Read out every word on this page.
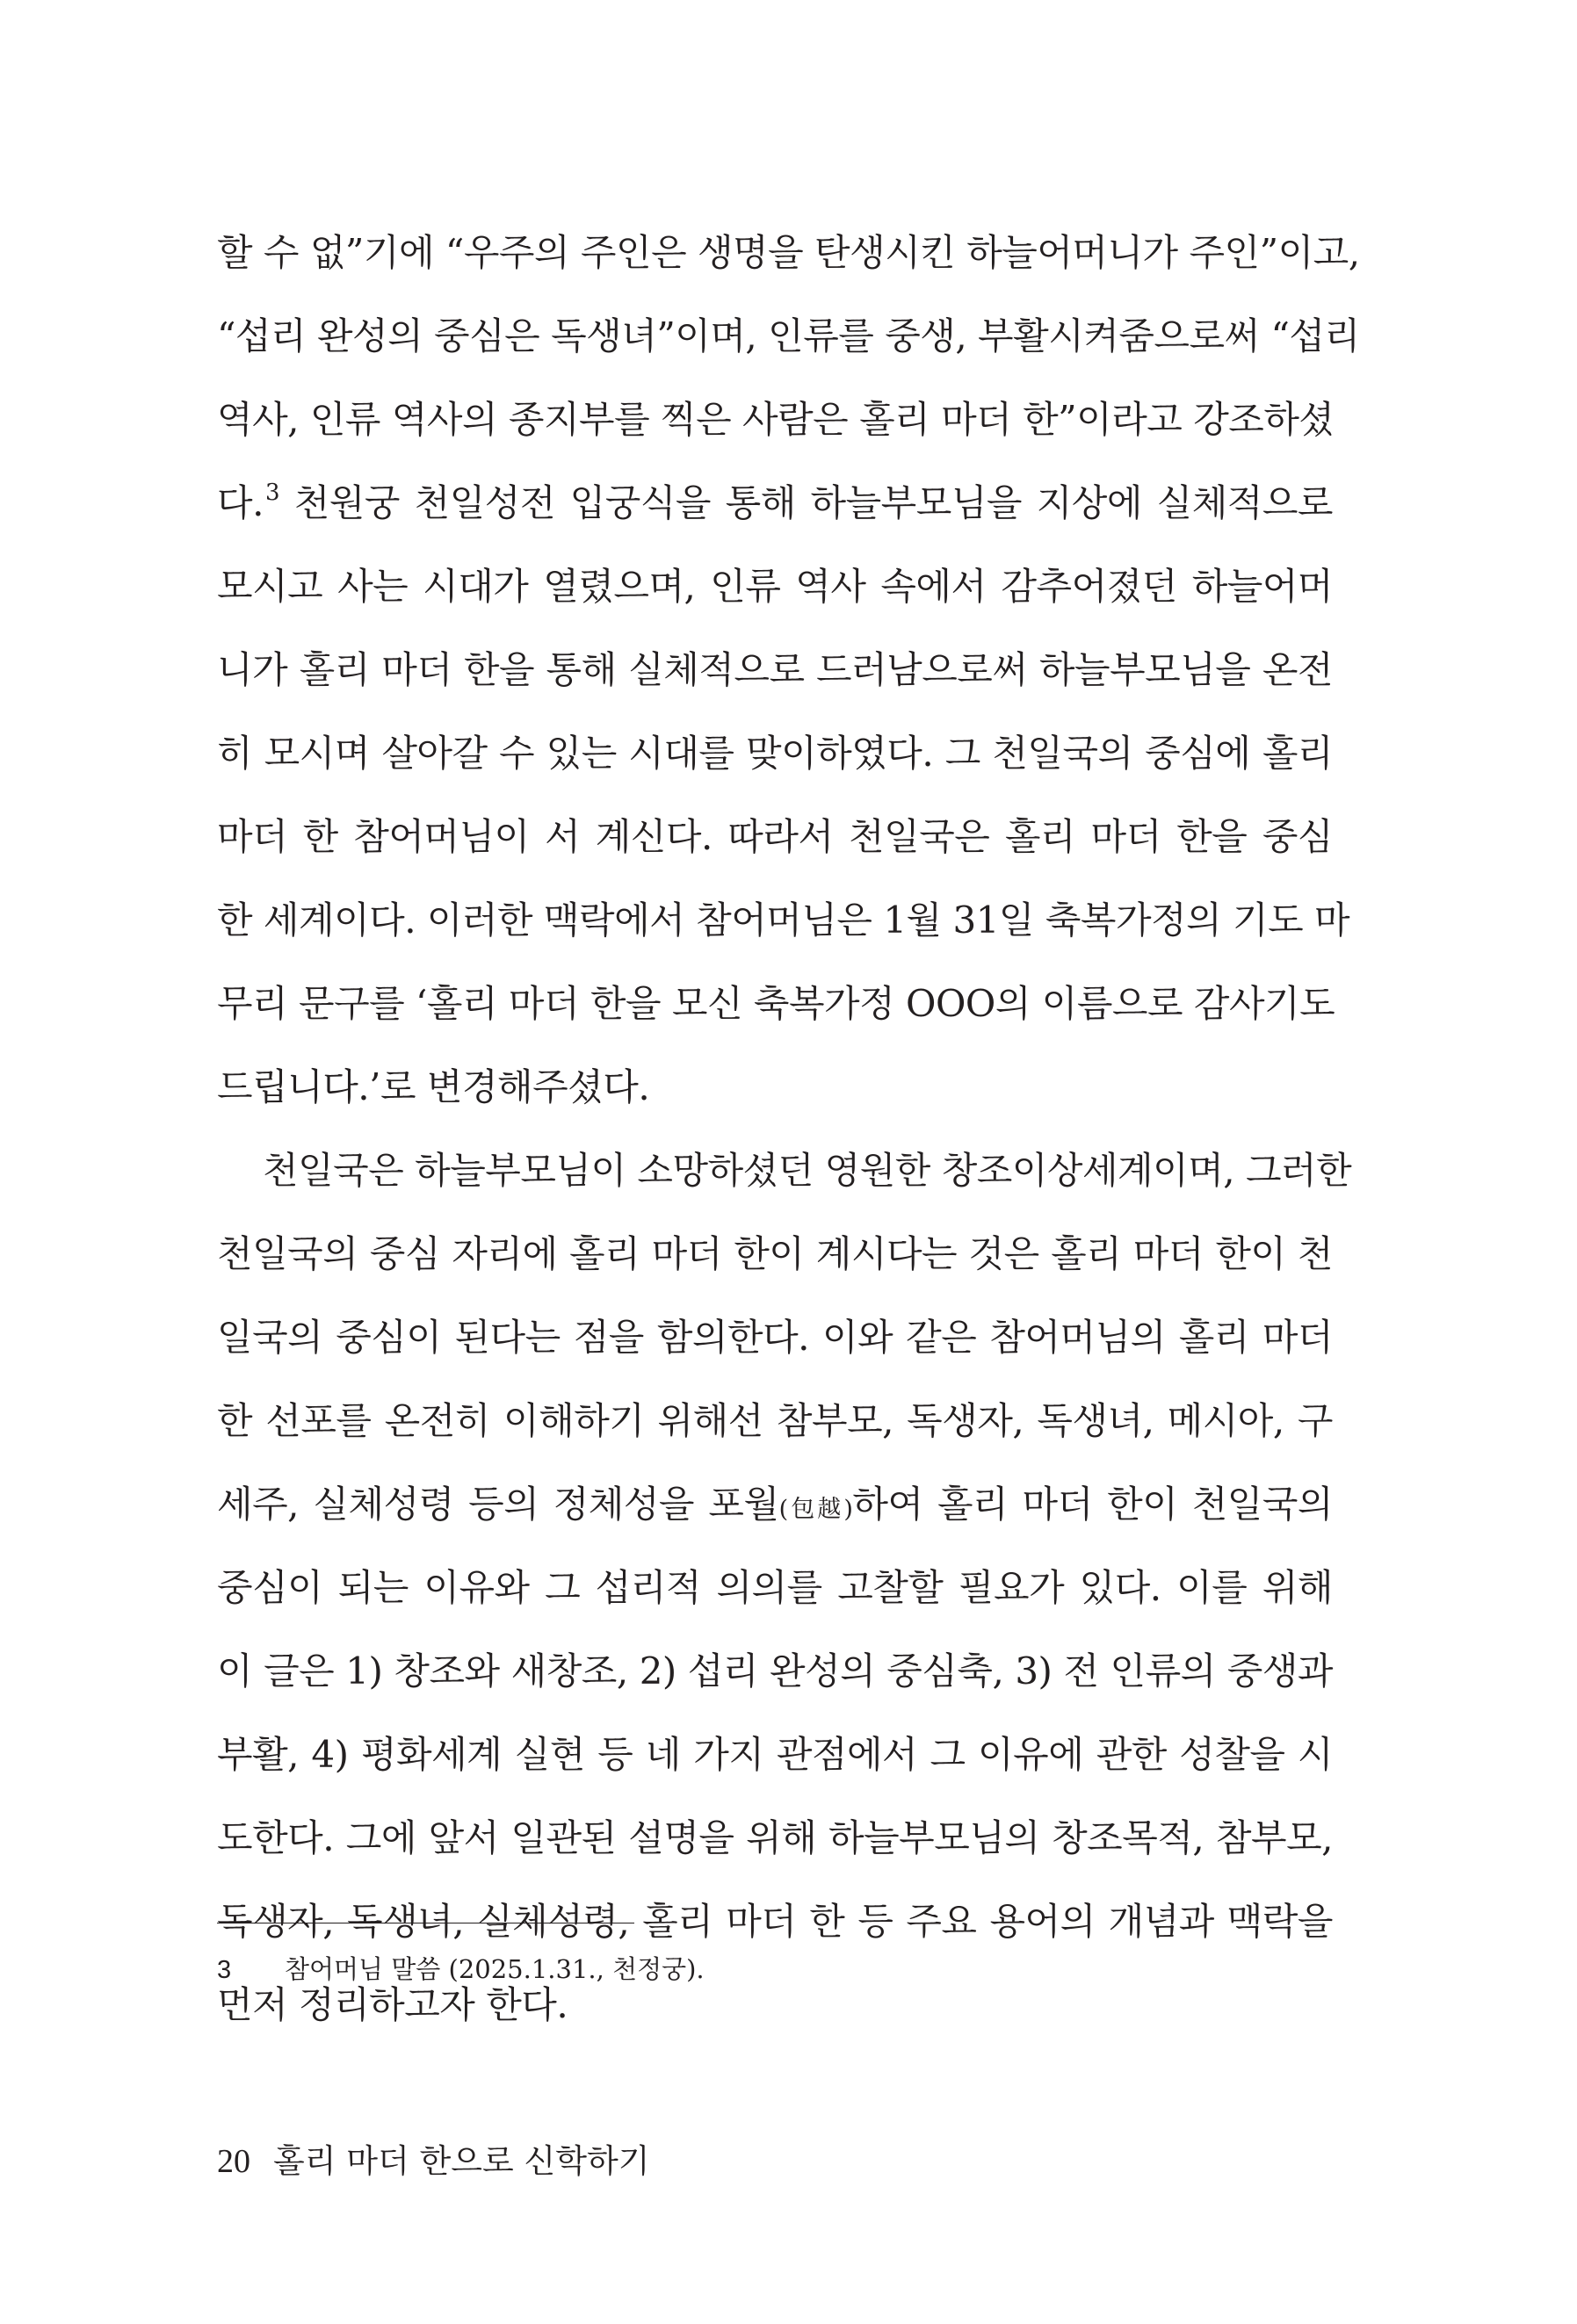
할 수 없”기에 “우주의 주인은 생명을 탄생시킨 하늘어머니가 주인”이고,
“섭리 완성의 중심은 독생녀”이며, 인류를 중생, 부활시켜줌으로써 “섭리
역사, 인류 역사의 종지부를 찍은 사람은 홀리 마더 한”이라고 강조하셨
다.$^3$ 천원궁 천일성전 입궁식을 통해 하늘부모님을 지상에 실체적으로
모시고 사는 시대가 열렸으며, 인류 역사 속에서 감추어졌던 하늘어머
니가 홀리 마더 한을 통해 실체적으로 드러남으로써 하늘부모님을 온전
히 모시며 살아갈 수 있는 시대를 맞이하였다. 그 천일국의 중심에 홀리
마더 한 참어머님이 서 계신다. 따라서 천일국은 홀리 마더 한을 중심
한 세계이다. 이러한 맥락에서 참어머님은 1월 31일 축복가정의 기도 마
무리 문구를 ‘홀리 마더 한을 모신 축복가정 OOO의 이름으로 감사기도
드립니다.’로 변경해주셨다.
천일국은 하늘부모님이 소망하셨던 영원한 창조이상세계이며, 그러한
천일국의 중심 자리에 홀리 마더 한이 계시다는 것은 홀리 마더 한이 천
일국의 중심이 된다는 점을 함의한다. 이와 같은 참어머님의 홀리 마더
한 선포를 온전히 이해하기 위해선 참부모, 독생자, 독생녀, 메시아, 구
세주, 실체성령 등의 정체성을 포월(包越)하여 홀리 마더 한이 천일국의
중심이 되는 이유와 그 섭리적 의의를 고찰할 필요가 있다. 이를 위해
이 글은 1) 창조와 새창조, 2) 섭리 완성의 중심축, 3) 전 인류의 중생과
부활, 4) 평화세계 실현 등 네 가지 관점에서 그 이유에 관한 성찰을 시
도한다. 그에 앞서 일관된 설명을 위해 하늘부모님의 창조목적, 참부모,
독생자, 독생녀, 실체성령, 홀리 마더 한 등 주요 용어의 개념과 맥락을
먼저 정리하고자 한다.
3 참어머님 말씀 (2025.1.31., 천정궁).
20 홀리 마더 한으로 신학하기
